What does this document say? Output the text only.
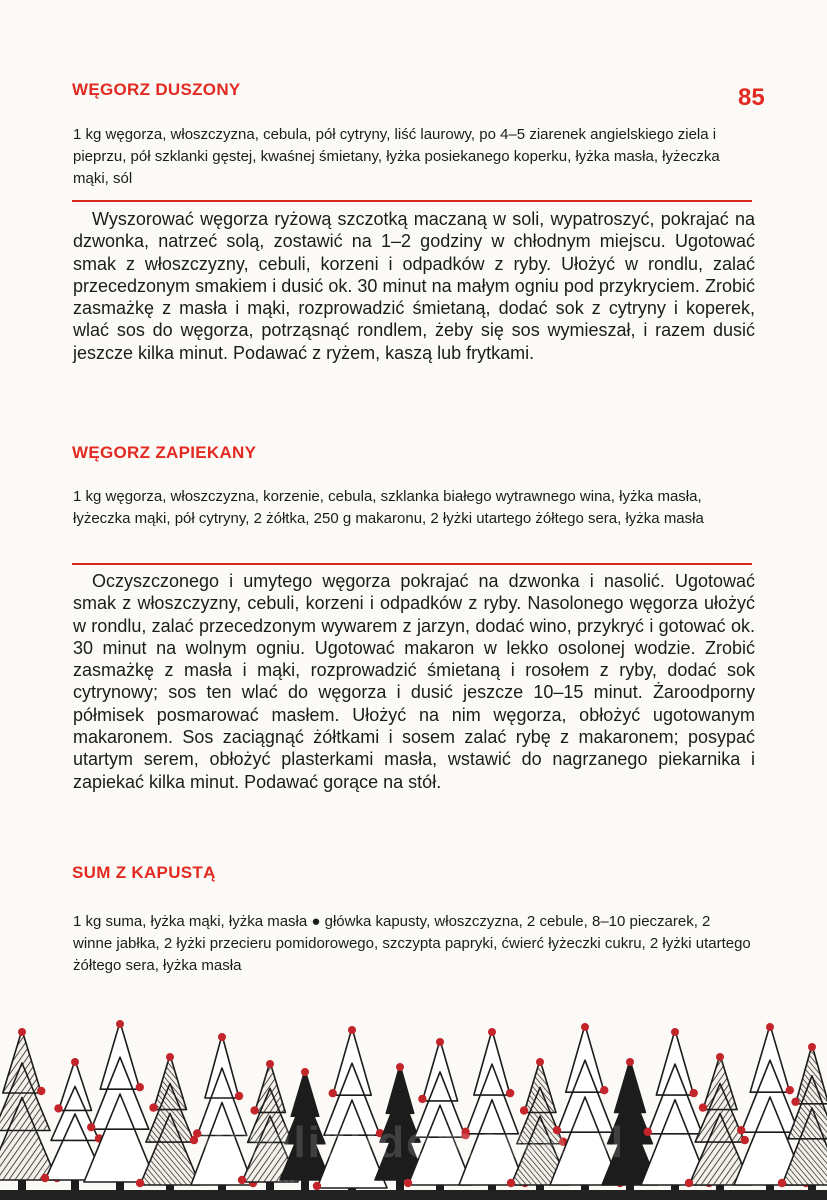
85
WĘGORZ DUSZONY
1 kg węgorza, włoszczyzna, cebula, pół cytryny, liść laurowy, po 4–5 ziarenek angielskiego ziela i pieprzu, pół szklanki gęstej, kwaśnej śmietany, łyżka posiekanego koperku, łyżka masła, łyżeczka mąki, sól

Wyszorować węgorza ryżową szczotką maczaną w soli, wypatroszyć, pokrajać na dzwonka, natrzeć solą, zostawić na 1–2 godziny w chłodnym miejscu. Ugotować smak z włoszczyzny, cebuli, korzeni i odpadków z ryby. Ułożyć w rondlu, zalać przecedzonym smakiem i dusić ok. 30 minut na małym ogniu pod przykryciem. Zrobić zasmażkę z masła i mąki, rozprowadzić śmietaną, dodać sok z cytryny i koperek, wlać sos do węgorza, potrząsnąć rondlem, żeby się sos wymieszał, i razem dusić jeszcze kilka minut. Podawać z ryżem, kaszą lub frytkami.

WĘGORZ ZAPIEKANY
1 kg węgorza, włoszczyzna, korzenie, cebula, szklanka białego wytrawnego wina, łyżka masła, łyżeczka mąki, pół cytryny, 2 żółtka, 250 g makaronu, 2 łyżki utartego żółtego sera, łyżka masła

Oczyszczonego i umytego węgorza pokrajać na dzwonka i nasolić. Ugotować smak z włoszczyzny, cebuli, korzeni i odpadków z ryby. Nasolonego węgorza ułożyć w rondlu, zalać przecedzonym wywarem z jarzyn, dodać wino, przykryć i gotować ok. 30 minut na wolnym ogniu. Ugotować makaron w lekko osolonej wodzie. Zrobić zasmażkę z masła i mąki, rozprowadzić śmietaną i rosołem z ryby, dodać sok cytrynowy; sos ten wlać do węgorza i dusić jeszcze 10–15 minut. Żaroodporny półmisek posmarować masłem. Ułożyć na nim węgorza, obłożyć ugotowanym makaronem. Sos zaciągnąć żółtkami i sosem zalać rybę z makaronem; posypać utartym serem, obłożyć plasterkami masła, wstawić do nagrzanego piekarnika i zapiekać kilka minut. Podawać gorące na stół.

SUM Z KAPUSTĄ
1 kg suma, łyżka mąki, łyżka masła ● główka kapusty, włoszczyzna, 2 cebule, 8–10 pieczarek, 2 winne jabłka, 2 łyżki przecieru pomidorowego, szczypta papryki, ćwierć łyżeczki cukru, 2 łyżki utartego żółtego sera, łyżka masła
wedlinydomowe.pl
